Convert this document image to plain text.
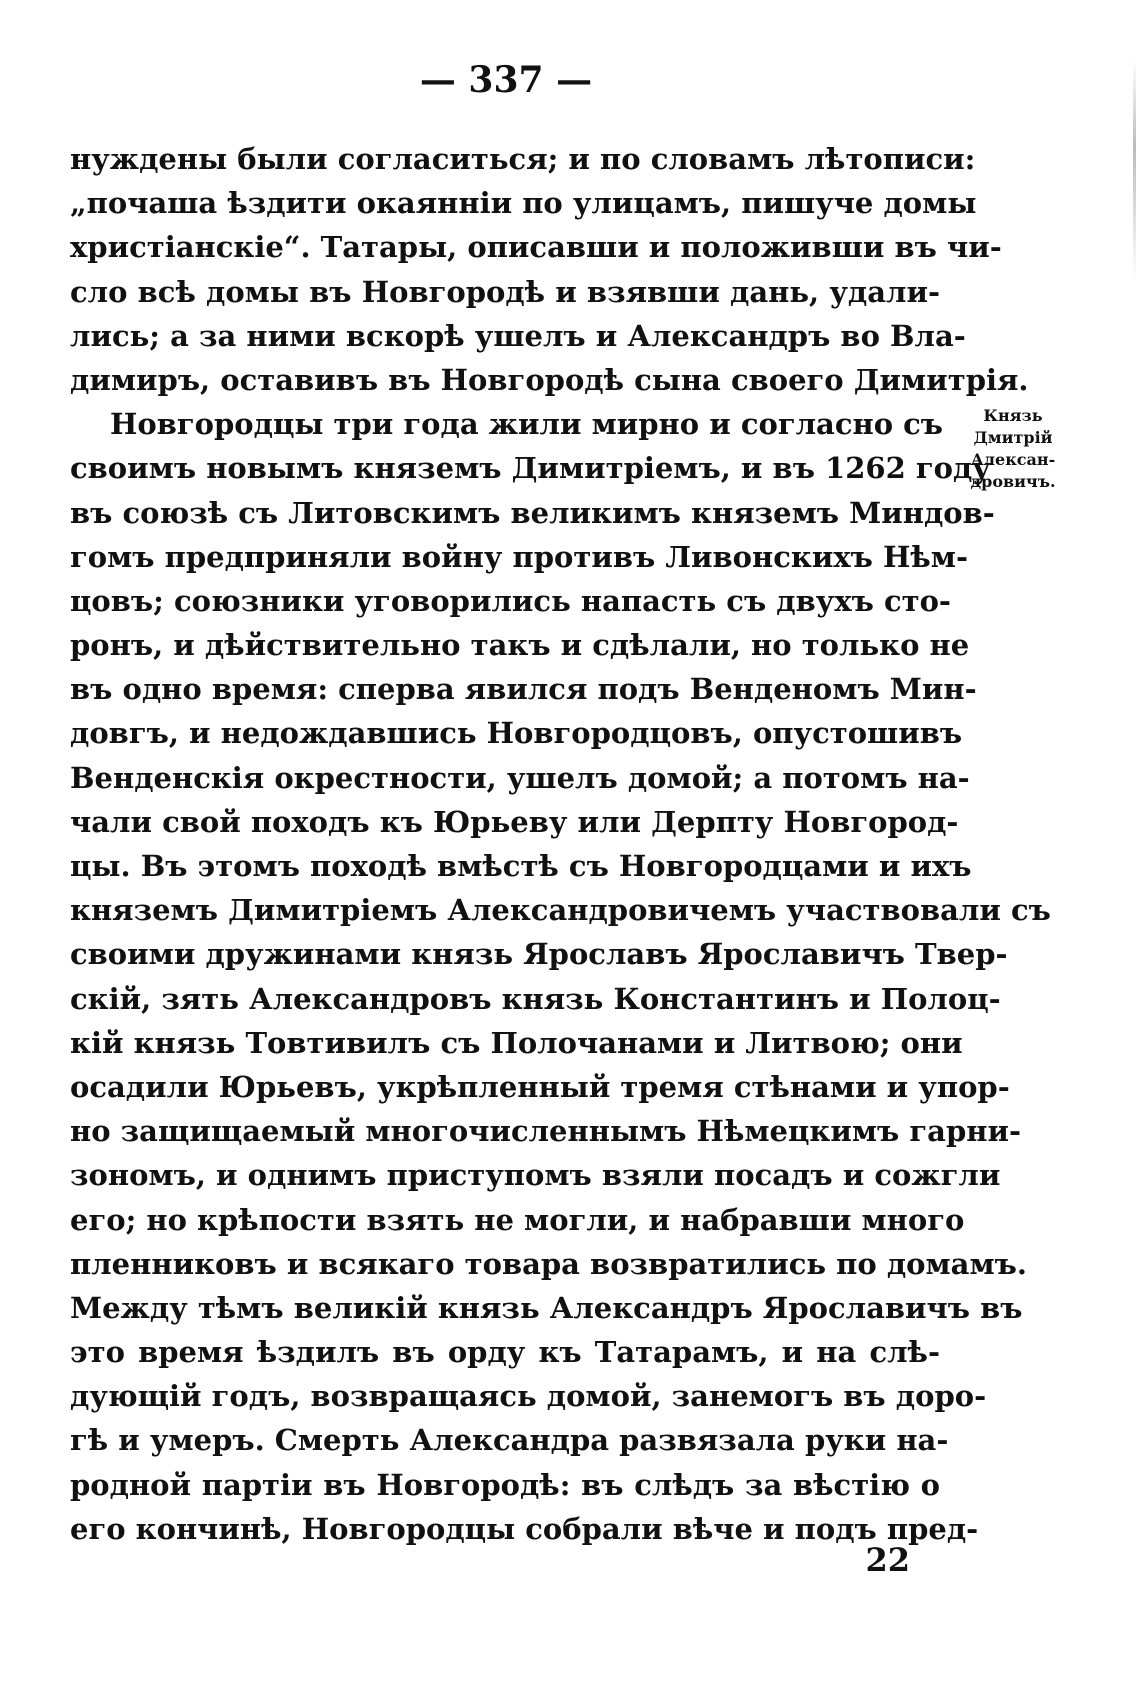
— 337 —
нуждены были согласиться; и по словамъ лѣтописи:
„почаша ѣздити окаянніи по улицамъ, пишуче домы
христіанскіе“. Татары, описавши и положивши въ чи-
сло всѣ домы въ Новгородѣ и взявши дань, удали-
лись; а за ними вскорѣ ушелъ и Александръ во Вла-
димиръ, оставивъ въ Новгородѣ сына своего Димитрія.
Новгородцы три года жили мирно и согласно съ
своимъ новымъ княземъ Димитріемъ, и въ 1262 году
въ союзѣ съ Литовскимъ великимъ княземъ Миндов-
гомъ предприняли войну противъ Ливонскихъ Нѣм-
цовъ; союзники уговорились напасть съ двухъ сто-
ронъ, и дѣйствительно такъ и сдѣлали, но только не
въ одно время: сперва явился подъ Венденомъ Мин-
довгъ, и недождавшись Новгородцовъ, опустошивъ
Венденскія окрестности, ушелъ домой; а потомъ на-
чали свой походъ къ Юрьеву или Дерпту Новгород-
цы. Въ этомъ походѣ вмѣстѣ съ Новгородцами и ихъ
княземъ Димитріемъ Александровичемъ участвовали съ
своими дружинами князь Ярославъ Ярославичъ Твер-
скій, зять Александровъ князь Константинъ и Полоц-
кій князь Товтивилъ съ Полочанами и Литвою; они
осадили Юрьевъ, укрѣпленный тремя стѣнами и упор-
но защищаемый многочисленнымъ Нѣмецкимъ гарни-
зономъ, и однимъ приступомъ взяли посадъ и сожгли
его; но крѣпости взять не могли, и набравши много
пленниковъ и всякаго товара возвратились по домамъ.
Между тѣмъ великій князь Александръ Ярославичъ въ
это время ѣздилъ въ орду къ Татарамъ, и на слѣ-
дующій годъ, возвращаясь домой, занемогъ въ доро-
гѣ и умеръ. Смерть Александра развязала руки на-
родной партіи въ Новгородѣ: въ слѣдъ за вѣстію о
его кончинѣ, Новгородцы собрали вѣче и подъ пред-
Князь
Дмитрій
Алексан-
дровичъ.
22
